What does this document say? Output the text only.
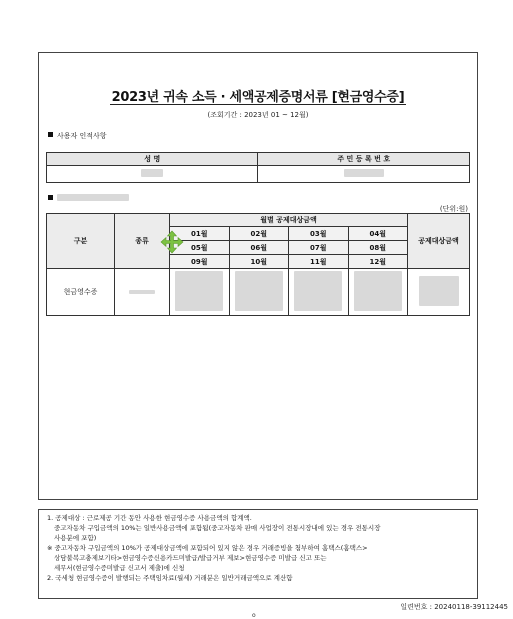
2023년 귀속 소득 · 세액공제증명서류 [현금영수증]
(조회기간 : 2023년 01 ~ 12월)
사용자 인적사항
성 명	주 민 등 록 번 호

(단위:원)
구분	종류	월별 공제대상금액				공제대상금액
		01월	02월	03월	04월	
		05월	06월	07월	08월	
		09월	10월	11월	12월	
현금영수증						

1. 공제대상 : 근로제공 기간 동안 사용한 현금영수증 사용금액의 합계액.

중고자동차 구입금액의 10%는 일반사용금액에 포함됨(중고자동차 판매 사업장이 전통시장내에 있는 경우 전통시장

사용분에 포함)

※ 중고자동차 구입금액의 10%가 공제대상금액에 포함되어 있지 않은 경우 거래증빙을 첨부하여 홈택스(홈택스>

상담불복고충제보기타>현금영수증신용카드미발급/발급거부 제보>현금영수증 미발급 신고 또는

세무서(현금영수증미발급 신고서 제출)에 신청

2. 국세청 현금영수증이 발행되는 주택임차료(월세) 거래분은 일반거래금액으로 계산함

일련번호 : 20240118-39112445
o
